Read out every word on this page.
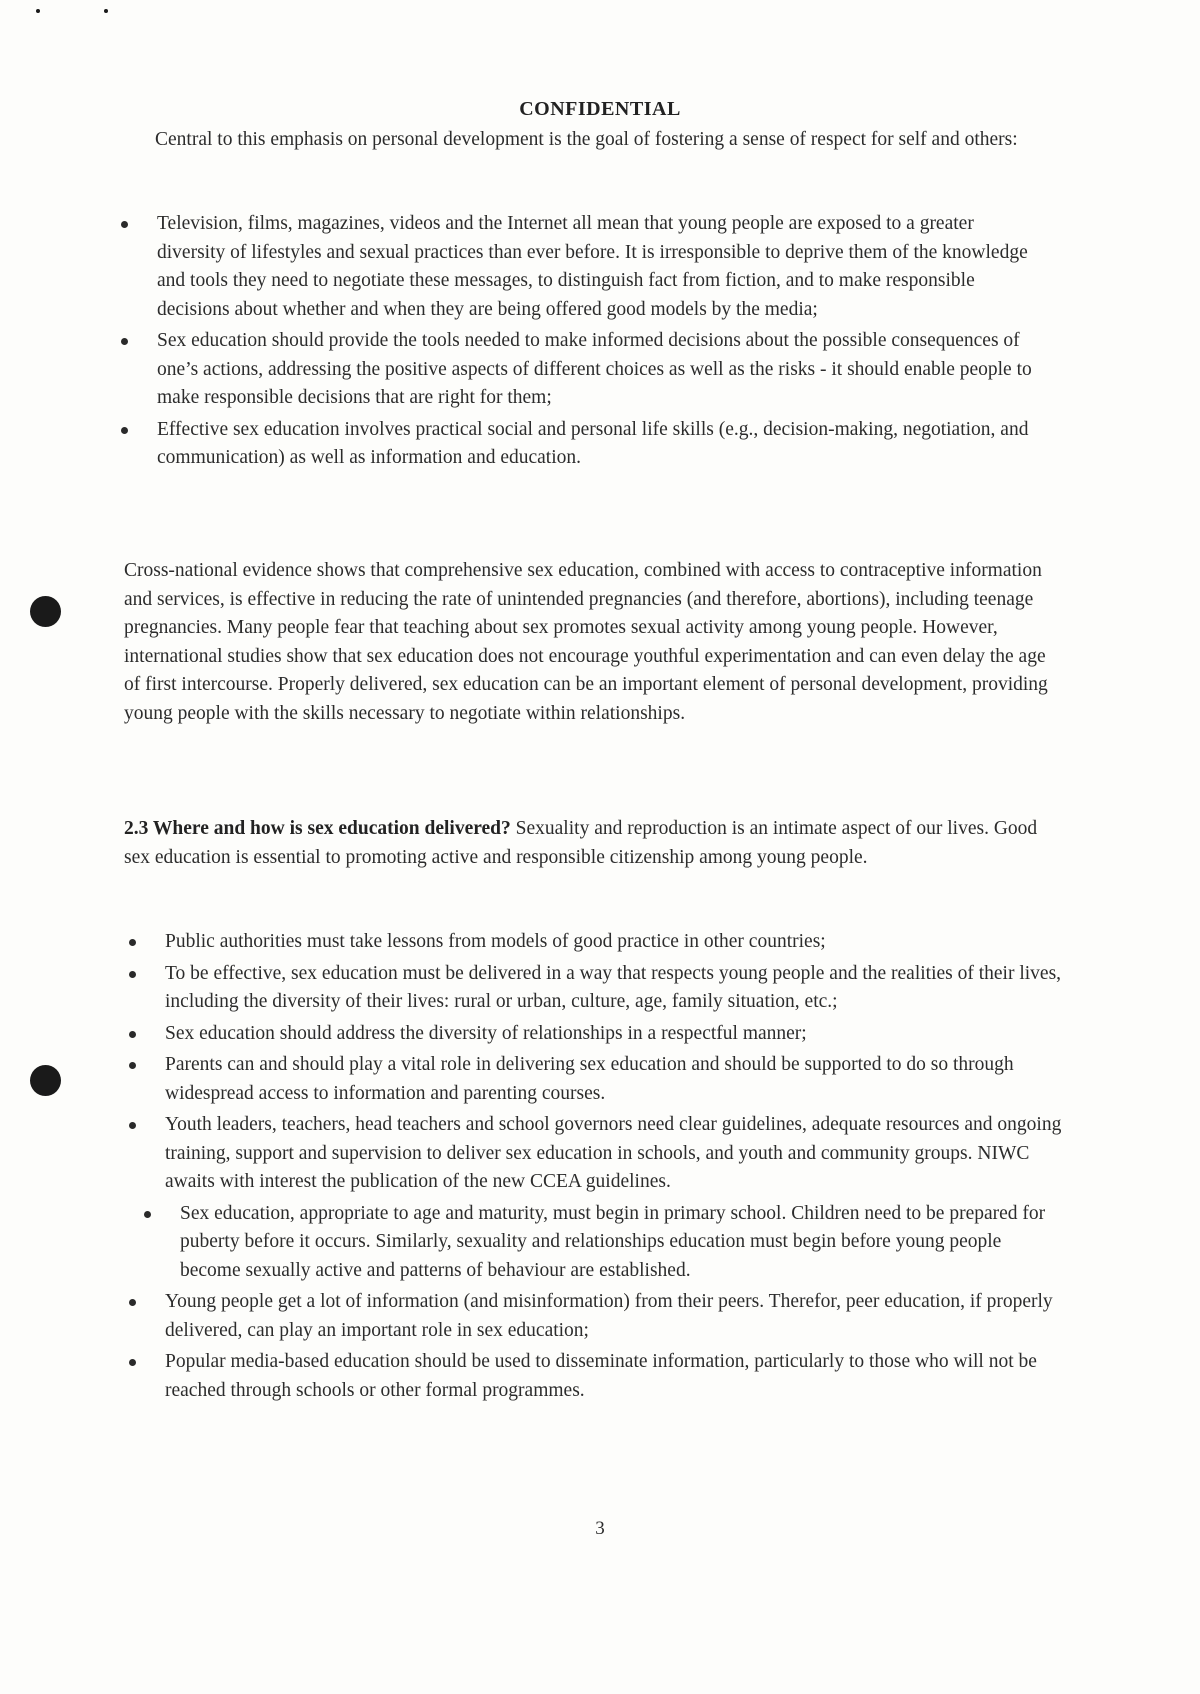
CONFIDENTIAL
Central to this emphasis on personal development is the goal of fostering a sense of respect for self and others:
Television, films, magazines, videos and the Internet all mean that young people are exposed to a greater diversity of lifestyles and sexual practices than ever before. It is irresponsible to deprive them of the knowledge and tools they need to negotiate these messages, to distinguish fact from fiction, and to make responsible decisions about whether and when they are being offered good models by the media;
Sex education should provide the tools needed to make informed decisions about the possible consequences of one’s actions, addressing the positive aspects of different choices as well as the risks - it should enable people to make responsible decisions that are right for them;
Effective sex education involves practical social and personal life skills (e.g., decision-making, negotiation, and communication) as well as information and education.
Cross-national evidence shows that comprehensive sex education, combined with access to contraceptive information and services, is effective in reducing the rate of unintended pregnancies (and therefore, abortions), including teenage pregnancies. Many people fear that teaching about sex promotes sexual activity among young people. However, international studies show that sex education does not encourage youthful experimentation and can even delay the age of first intercourse. Properly delivered, sex education can be an important element of personal development, providing young people with the skills necessary to negotiate within relationships.
2.3 Where and how is sex education delivered? Sexuality and reproduction is an intimate aspect of our lives. Good sex education is essential to promoting active and responsible citizenship among young people.
Public authorities must take lessons from models of good practice in other countries;
To be effective, sex education must be delivered in a way that respects young people and the realities of their lives, including the diversity of their lives: rural or urban, culture, age, family situation, etc.;
Sex education should address the diversity of relationships in a respectful manner;
Parents can and should play a vital role in delivering sex education and should be supported to do so through widespread access to information and parenting courses.
Youth leaders, teachers, head teachers and school governors need clear guidelines, adequate resources and ongoing training, support and supervision to deliver sex education in schools, and youth and community groups. NIWC awaits with interest the publication of the new CCEA guidelines.
Sex education, appropriate to age and maturity, must begin in primary school. Children need to be prepared for puberty before it occurs. Similarly, sexuality and relationships education must begin before young people become sexually active and patterns of behaviour are established.
Young people get a lot of information (and misinformation) from their peers. Therefor, peer education, if properly delivered, can play an important role in sex education;
Popular media-based education should be used to disseminate information, particularly to those who will not be reached through schools or other formal programmes.
3
